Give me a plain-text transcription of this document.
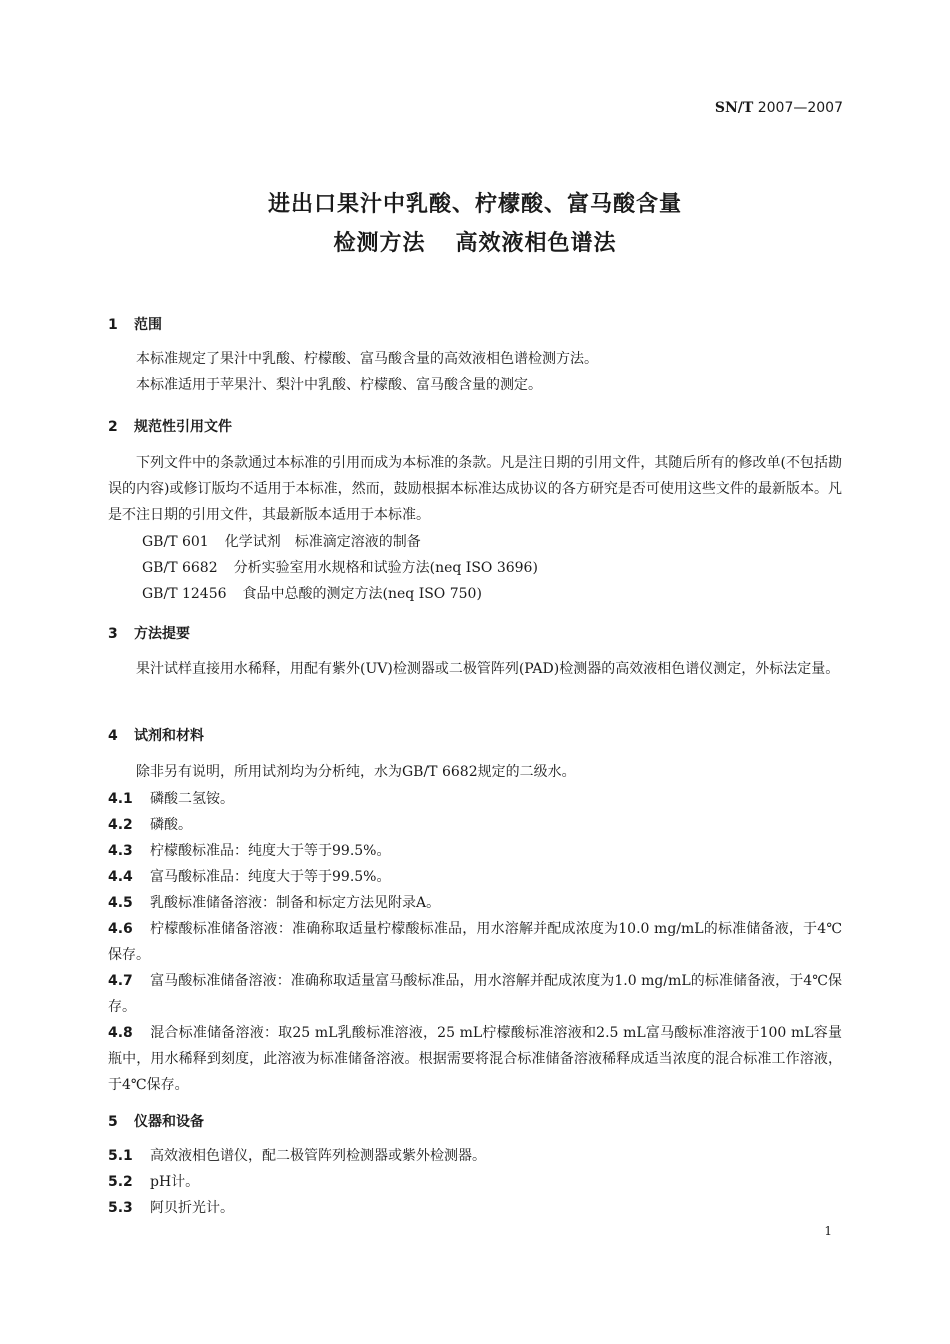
SN/T 2007—2007
进出口果汁中乳酸、柠檬酸、富马酸含量
检测方法 高效液相色谱法
1 范围

本标准规定了果汁中乳酸、柠檬酸、富马酸含量的高效液相色谱检测方法。

本标准适用于苹果汁、梨汁中乳酸、柠檬酸、富马酸含量的测定。

2 规范性引用文件

下列文件中的条款通过本标准的引用而成为本标准的条款。凡是注日期的引用文件，其随后所有的修改单(不包括勘误的内容)或修订版均不适用于本标准，然而，鼓励根据本标准达成协议的各方研究是否可使用这些文件的最新版本。凡是不注日期的引用文件，其最新版本适用于本标准。

GB/T 601 化学试剂　标准滴定溶液的制备
GB/T 6682 分析实验室用水规格和试验方法(neq ISO 3696)
GB/T 12456 食品中总酸的测定方法(neq ISO 750)
3 方法提要

果汁试样直接用水稀释，用配有紫外(UV)检测器或二极管阵列(PAD)检测器的高效液相色谱仪测定，外标法定量。

4 试剂和材料

除非另有说明，所用试剂均为分析纯，水为GB/T 6682规定的二级水。

4.1 磷酸二氢铵。

4.2 磷酸。

4.3 柠檬酸标准品：纯度大于等于99.5%。

4.4 富马酸标准品：纯度大于等于99.5%。

4.5 乳酸标准储备溶液：制备和标定方法见附录A。

4.6 柠檬酸标准储备溶液：准确称取适量柠檬酸标准品，用水溶解并配成浓度为10.0 mg/mL的标准储备液，于4℃保存。

4.7 富马酸标准储备溶液：准确称取适量富马酸标准品，用水溶解并配成浓度为1.0 mg/mL的标准储备液，于4℃保存。

4.8 混合标准储备溶液：取25 mL乳酸标准溶液，25 mL柠檬酸标准溶液和2.5 mL富马酸标准溶液于100 mL容量瓶中，用水稀释到刻度，此溶液为标准储备溶液。根据需要将混合标准储备溶液稀释成适当浓度的混合标准工作溶液，于4℃保存。

5 仪器和设备

5.1 高效液相色谱仪，配二极管阵列检测器或紫外检测器。

5.2 pH计。

5.3 阿贝折光计。

1
